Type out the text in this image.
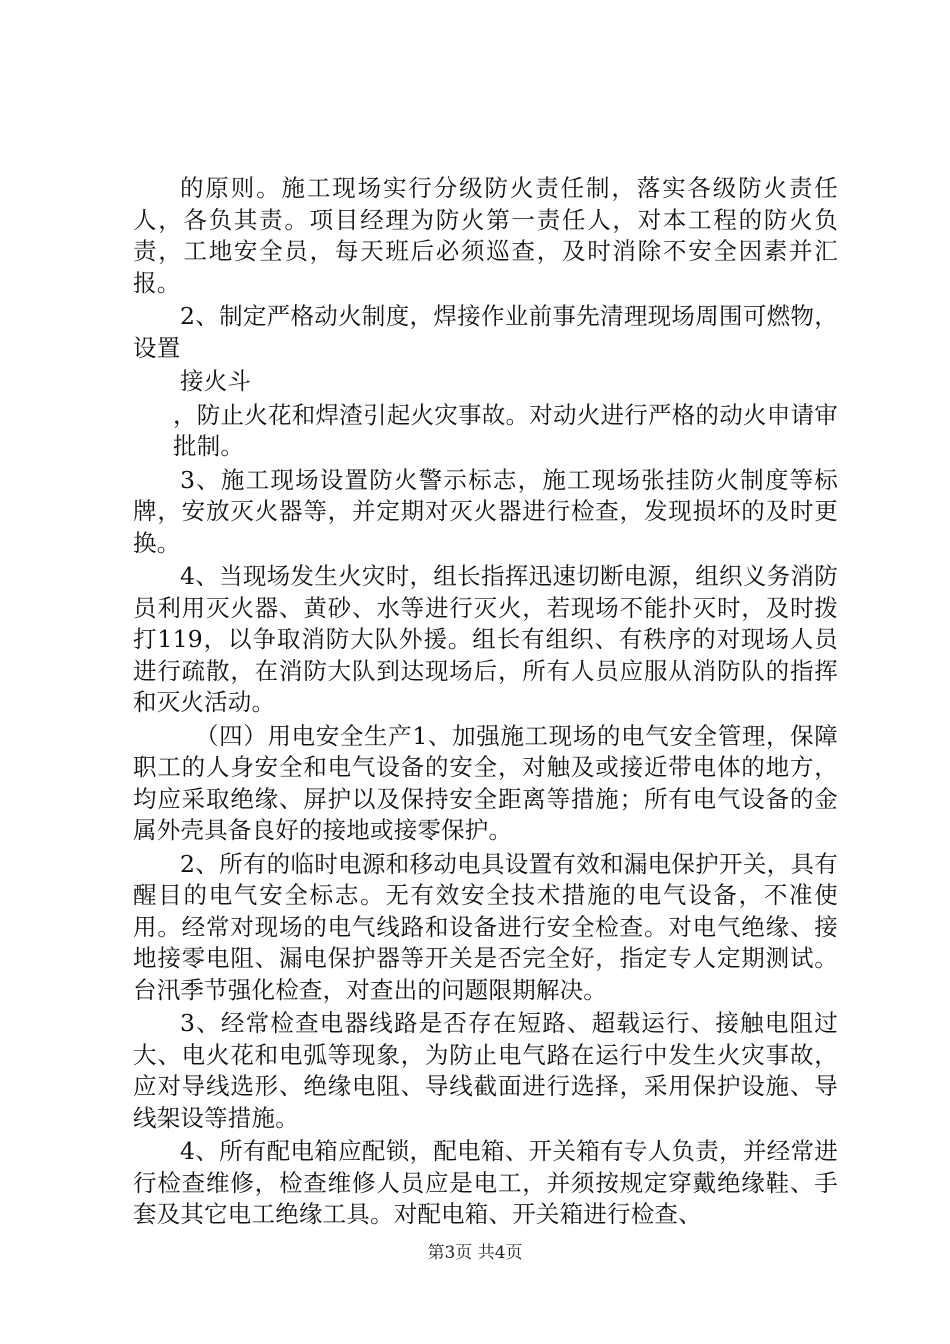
的原则。施工现场实行分级防火责任制，落实各级防火责任人，各负其责。项目经理为防火第一责任人，对本工程的防火负责，工地安全员，每天班后必须巡查，及时消除不安全因素并汇报。

2、制定严格动火制度，焊接作业前事先清理现场周围可燃物，设置

接火斗

，防止火花和焊渣引起火灾事故。对动火进行严格的动火申请审批制。

3、施工现场设置防火警示标志，施工现场张挂防火制度等标牌，安放灭火器等，并定期对灭火器进行检查，发现损坏的及时更换。

4、当现场发生火灾时，组长指挥迅速切断电源，组织义务消防员利用灭火器、黄砂、水等进行灭火，若现场不能扑灭时，及时拨打119，以争取消防大队外援。组长有组织、有秩序的对现场人员进行疏散，在消防大队到达现场后，所有人员应服从消防队的指挥和灭火活动。

（四）用电安全生产1、加强施工现场的电气安全管理，保障职工的人身安全和电气设备的安全，对触及或接近带电体的地方，均应采取绝缘、屏护以及保持安全距离等措施；所有电气设备的金属外壳具备良好的接地或接零保护。

2、所有的临时电源和移动电具设置有效和漏电保护开关，具有醒目的电气安全标志。无有效安全技术措施的电气设备，不准使用。经常对现场的电气线路和设备进行安全检查。对电气绝缘、接地接零电阻、漏电保护器等开关是否完全好，指定专人定期测试。台汛季节强化检查，对查出的问题限期解决。

3、经常检查电器线路是否存在短路、超载运行、接触电阻过大、电火花和电弧等现象，为防止电气路在运行中发生火灾事故，应对导线选形、绝缘电阻、导线截面进行选择，采用保护设施、导线架设等措施。

4、所有配电箱应配锁，配电箱、开关箱有专人负责，并经常进行检查维修，检查维修人员应是电工，并须按规定穿戴绝缘鞋、手套及其它电工绝缘工具。对配电箱、开关箱进行检查、

第3页 共4页
